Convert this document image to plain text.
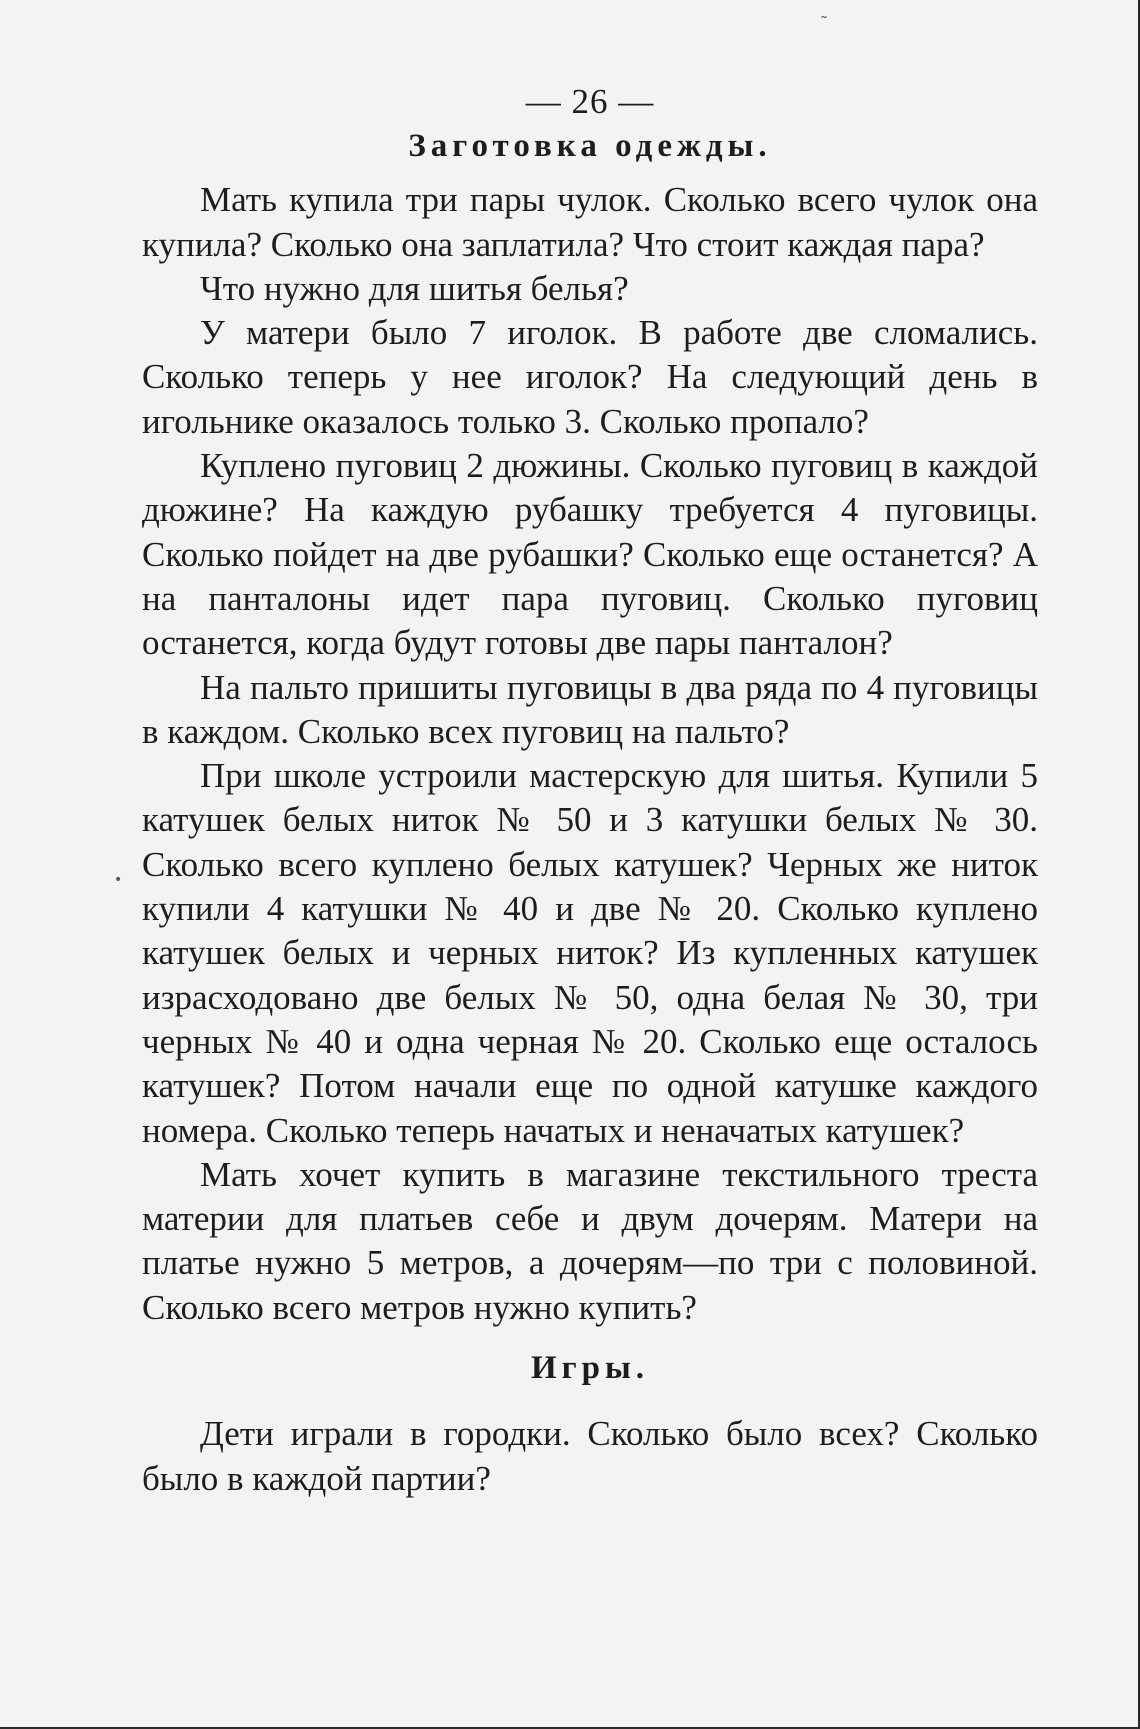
— 26 —
Заготовка одежды.

Мать купила три пары чулок. Сколько всего чулок она купила? Сколько она заплатила? Что стоит каждая пара?

Что нужно для шитья белья?

У матери было 7 иголок. В работе две сломались. Сколько теперь у нее иголок? На следующий день в игольнике оказалось только 3. Сколько пропало?

Куплено пуговиц 2 дюжины. Сколько пуговиц в каждой дюжине? На каждую рубашку требуется 4 пуговицы. Сколько пойдет на две рубашки? Сколько еще останется? А на панталоны идет пара пуговиц. Сколько пуговиц останется, когда будут готовы две пары панталон?

На пальто пришиты пуговицы в два ряда по 4 пуговицы в каждом. Сколько всех пуговиц на пальто?

При школе устроили мастерскую для шитья. Купили 5 катушек белых ниток № 50 и 3 катушки белых № 30. Сколько всего куплено белых катушек? Черных же ниток купили 4 катушки № 40 и две № 20. Сколько куплено катушек белых и черных ниток? Из купленных катушек израсходовано две белых № 50, одна белая № 30, три черных № 40 и одна черная № 20. Сколько еще осталось катушек? Потом начали еще по одной катушке каждого номера. Сколько теперь начатых и неначатых катушек?

Мать хочет купить в магазине текстильного треста материи для платьев себе и двум дочерям. Матери на платье нужно 5 метров, а дочерям—по три с половиной. Сколько всего метров нужно купить?

Игры.

Дети играли в городки. Сколько было всех? Сколько было в каждой партии?

˷
•
